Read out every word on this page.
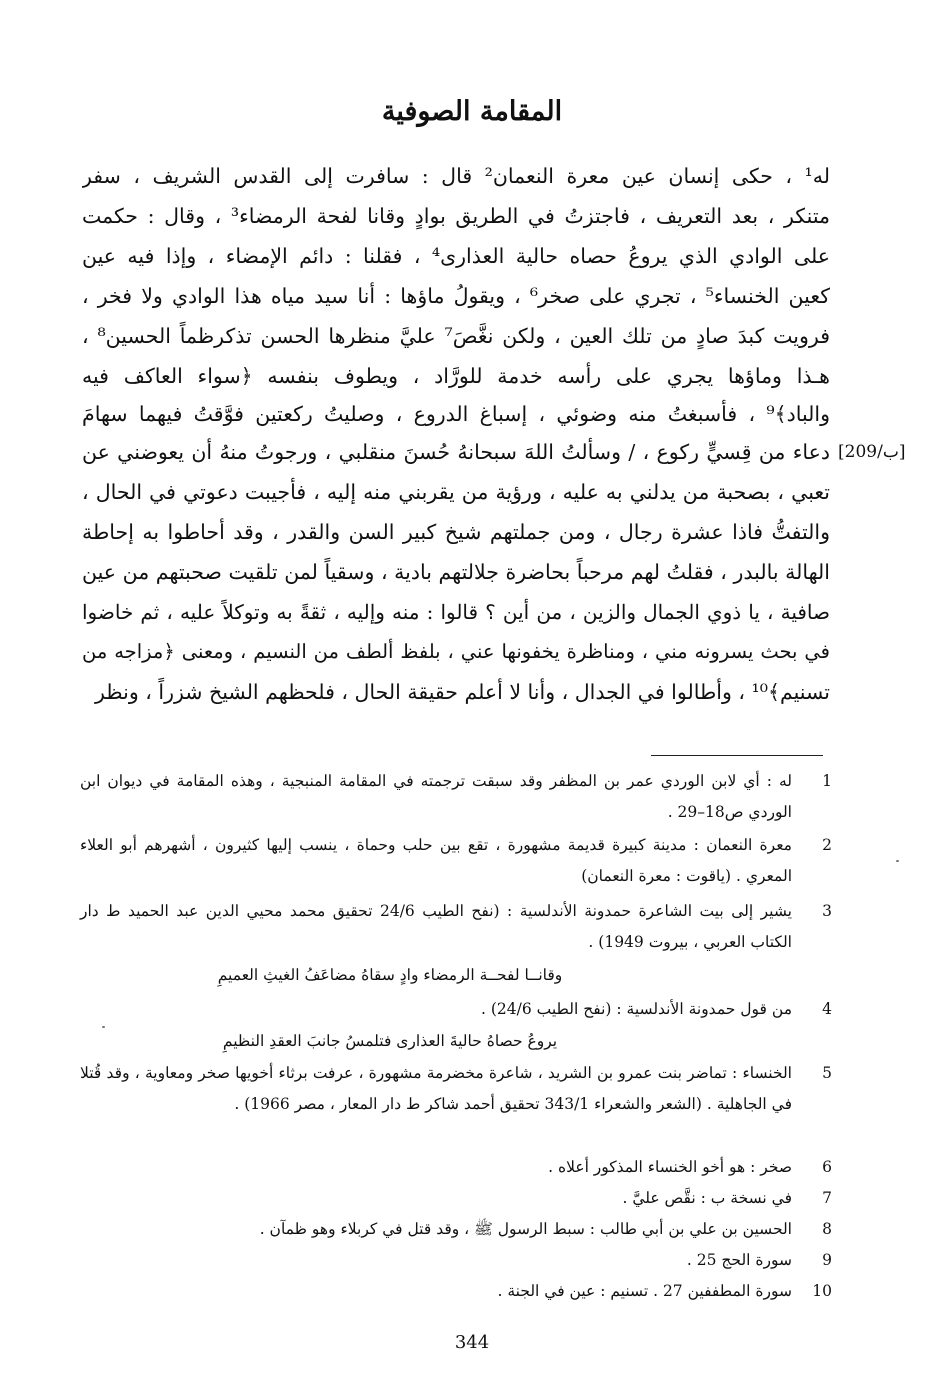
المقامة الصوفية
له¹ ، حكى إنسان عين معرة النعمان² قال : سافرت إلى القدس الشريف ، سفر
متنكر ، بعد التعريف ، فاجتزتُ في الطريق بوادٍ وقانا لفحة الرمضاء³ ، وقال : حكمت
على الوادي الذي يروعُ حصاه حالية العذارى⁴ ، فقلنا : دائم الإمضاء ، وإذا فيه عين
كعين الخنساء⁵ ، تجري على صخر⁶ ، ويقولُ ماؤها : أنا سيد مياه هذا الوادي ولا فخر ،
فرويت كبدَ صادٍ من تلك العين ، ولكن نغَّصَ⁷ عليَّ منظرها الحسن تذكرظماً الحسين⁸ ،
هـذا وماؤها يجري على رأسه خدمة للورَّاد ، ويطوف بنفسه ﴿سواء العاكف فيه
والباد﴾⁹ ، فأسبغتُ منه وضوئي ، إسباغ الدروع ، وصليتُ ركعتين فوَّقتُ فيهما سهامَ
دعاء من قِسيٍّ ركوع ، / وسألتُ اللهَ سبحانهُ حُسنَ منقلبي ، ورجوتُ منهُ أن يعوضني عن
تعبي ، بصحبة من يدلني به عليه ، ورؤية من يقربني منه إليه ، فأجيبت دعوتي في الحال ،
والتفتُّ فاذا عشرة رجال ، ومن جملتهم شيخ كبير السن والقدر ، وقد أحاطوا به إحاطة
الهالة بالبدر ، فقلتُ لهم مرحباً بحاضرة جلالتهم بادية ، وسقياً لمن تلقيت صحبتهم من عين
صافية ، يا ذوي الجمال والزين ، من أين ؟ قالوا : منه وإليه ، ثقةً به وتوكلاً عليه ، ثم خاضوا
في بحث يسرونه مني ، ومناظرة يخفونها عني ، بلفظ ألطف من النسيم ، ومعنى ﴿مزاجه من
تسنيم﴾¹⁰ ، وأطالوا في الجدال ، وأنا لا أعلم حقيقة الحال ، فلحظهم الشيخ شزراً ، ونظر
[209/ب]
1
له : أي لابن الوردي عمر بن المظفر وقد سبقت ترجمته في المقامة المنبجية ، وهذه المقامة في ديوان ابن الوردي ص18–29 .
2
معرة النعمان : مدينة كبيرة قديمة مشهورة ، تقع بين حلب وحماة ، ينسب إليها كثيرون ، أشهرهم أبو العلاء المعري . (ياقوت : معرة النعمان)
3
يشير إلى بيت الشاعرة حمدونة الأندلسية : (نفح الطيب 24/6 تحقيق محمد محيي الدين عبد الحميد ط دار الكتاب العربي ، بيروت 1949) .
وقانــا لفحــة الرمضاء وادٍ سقاهُ مضاعَفُ الغيثِ العميمِ
4
من قول حمدونة الأندلسية : (نفح الطيب 24/6) .
يروعُ حصاهُ حاليةَ العذارى فتلمسُ جانبَ العقدِ النظيمِ
5
الخنساء : تماضر بنت عمرو بن الشريد ، شاعرة مخضرمة مشهورة ، عرفت برثاء أخويها صخر ومعاوية ، وقد قُتلا في الجاهلية . (الشعر والشعراء 343/1 تحقيق أحمد شاكر ط دار المعار ، مصر 1966) .
6
صخر : هو أخو الخنساء المذكور أعلاه .
7
في نسخة ب : نقَّص عليَّ .
8
الحسين بن علي بن أبي طالب : سبط الرسول ﷺ ، وقد قتل في كربلاء وهو ظمآن .
9
سورة الحج 25 .
10
سورة المطففين 27 . تسنيم : عين في الجنة .
344
